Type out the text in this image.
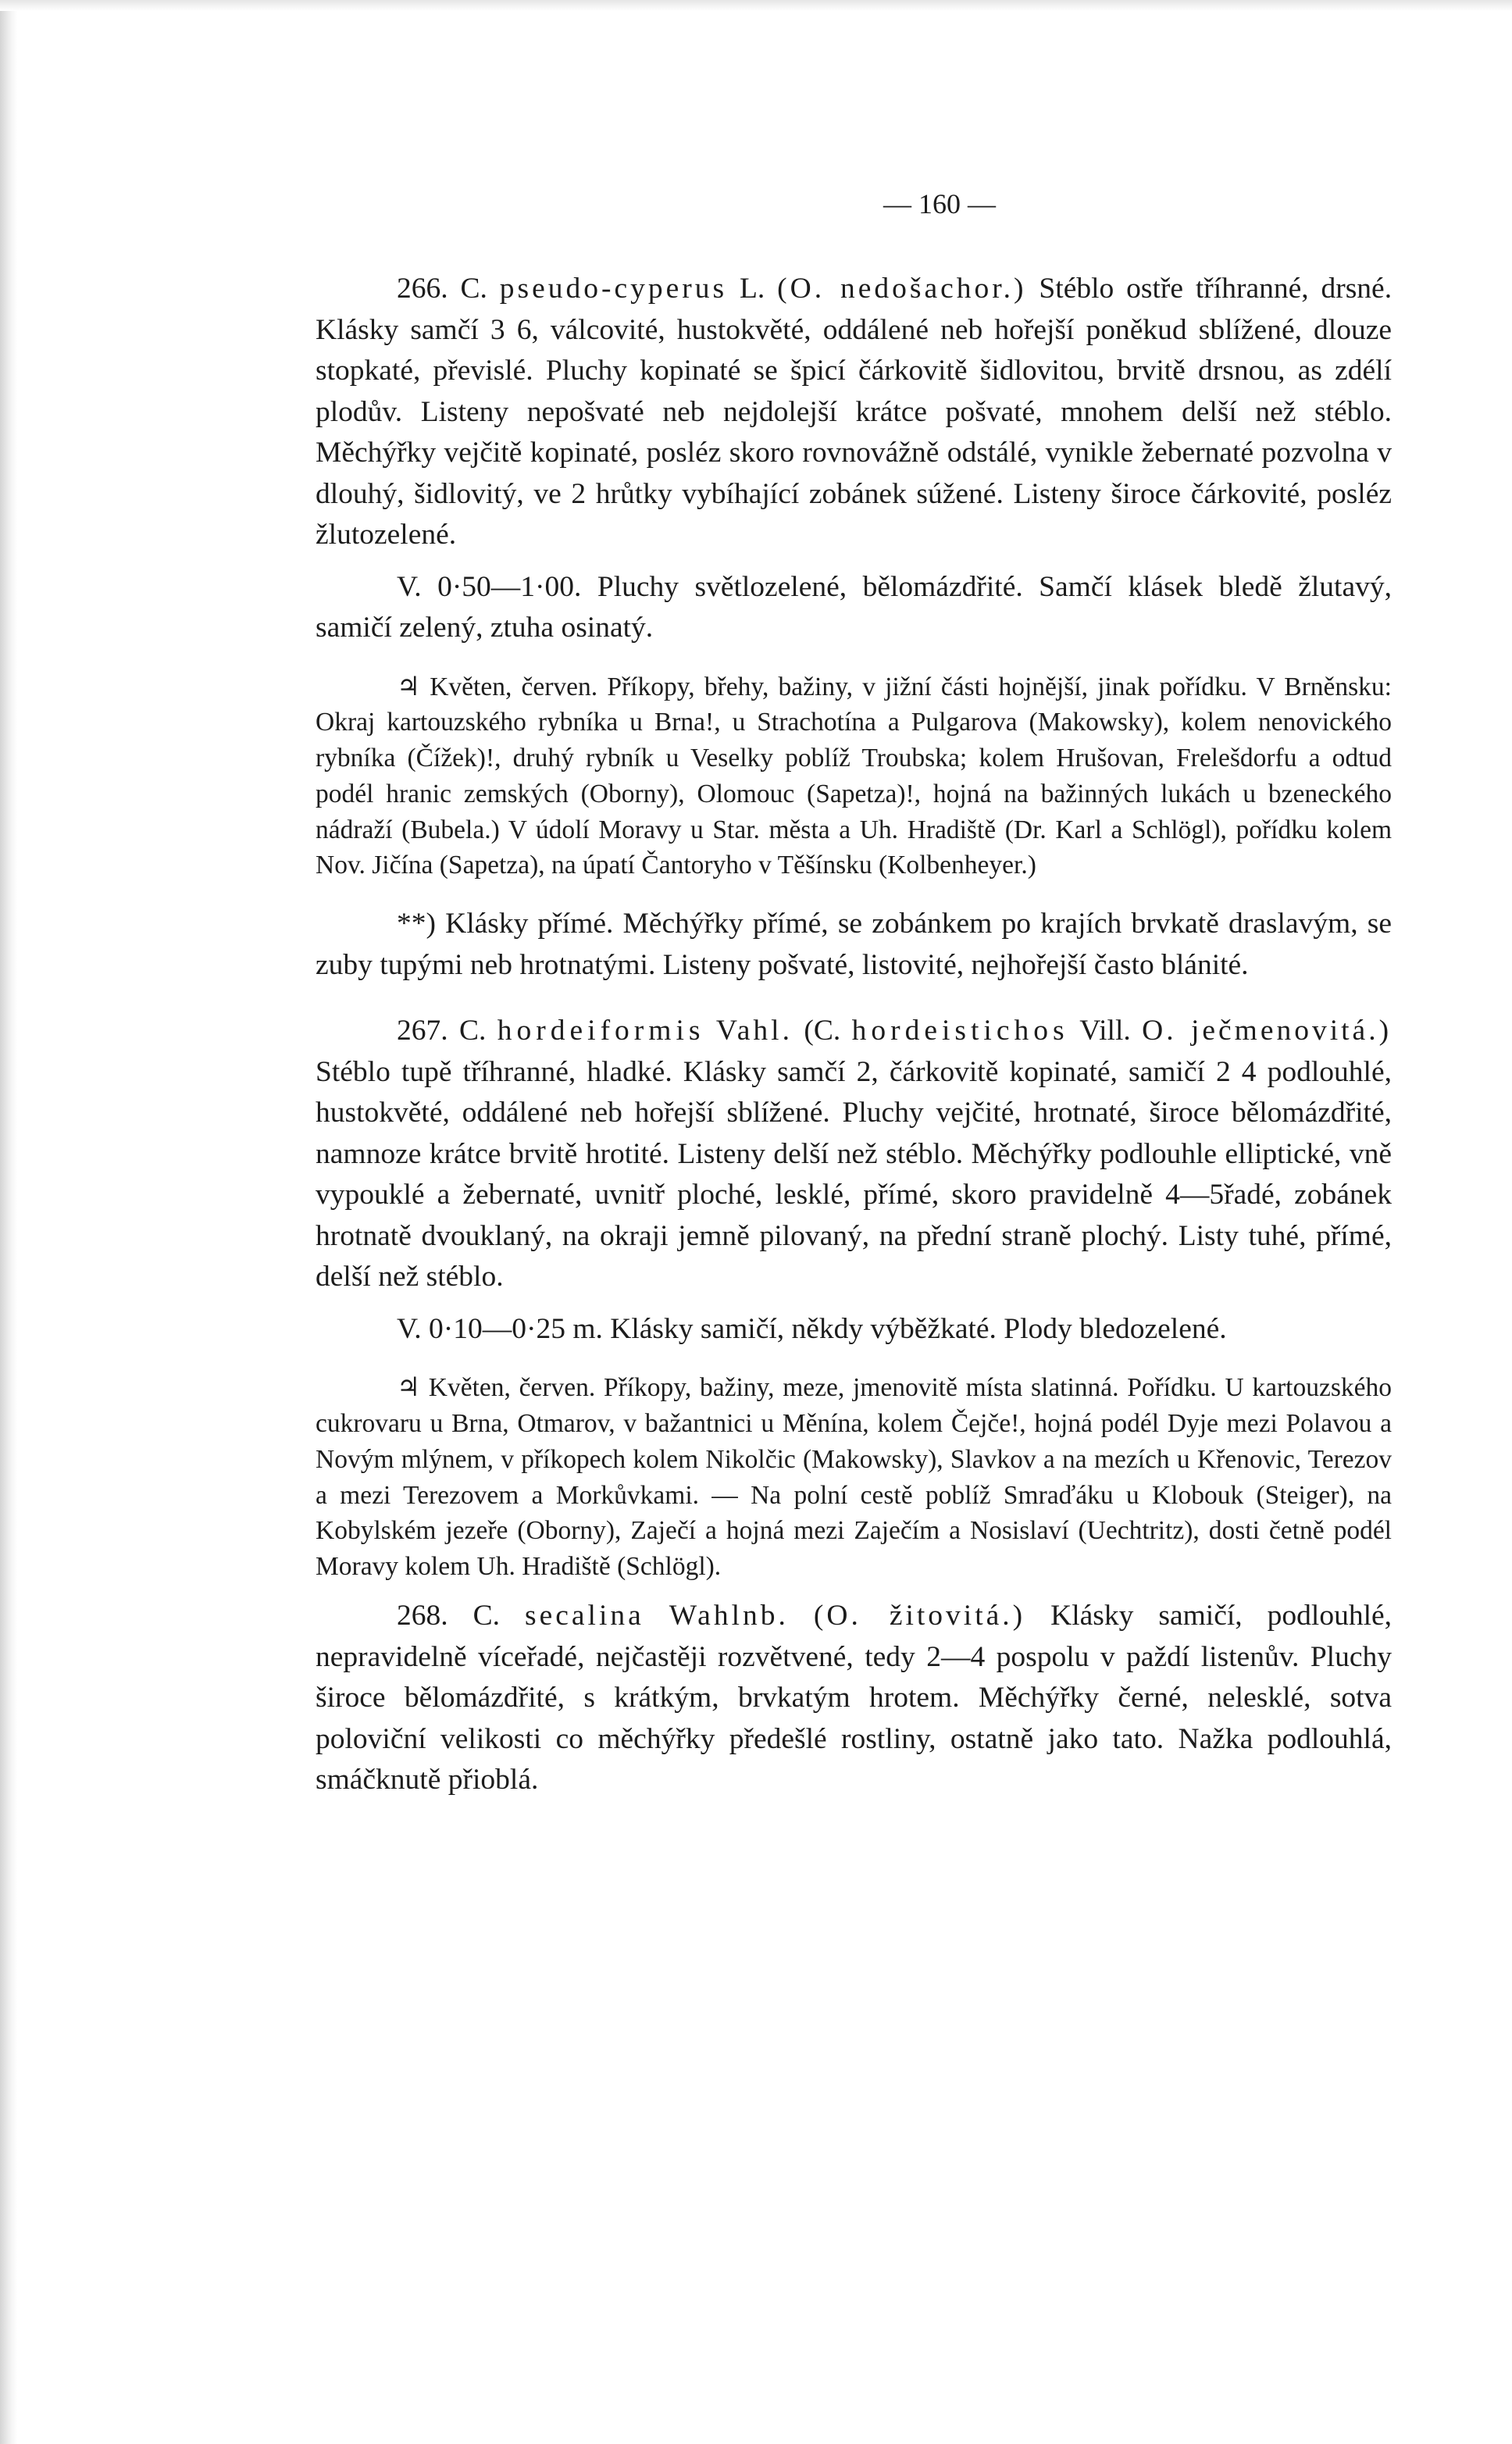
— 160 —

266. C. pseudo-cyperus L. (O. nedošachor.) Stéblo ostře tříhranné, drsné. Klásky samčí 3 6, válcovité, hustokvěté, oddálené neb hořejší poněkud sblížené, dlouze stopkaté, převislé. Pluchy kopinaté se špicí čárkovitě šidlovitou, brvitě drsnou, as zdélí plodův. Listeny nepošvaté neb nejdolejší krátce pošvaté, mnohem delší než stéblo. Měchýřky vejčitě kopinaté, posléz skoro rovnovážně odstálé, vynikle žebernaté pozvolna v dlouhý, šidlovitý, ve 2 hrůtky vybíhající zobánek súžené. Listeny široce čárkovité, posléz žlutozelené.

V. 0·50—1·00. Pluchy světlozelené, bělomázdřité. Samčí klásek bledě žlutavý, samičí zelený, ztuha osinatý.

♃ Květen, červen. Příkopy, břehy, bažiny, v jižní části hojnější, jinak pořídku. V Brněnsku: Okraj kartouzského rybníka u Brna!, u Strachotína a Pulgarova (Makowsky), kolem nenovického rybníka (Čížek)!, druhý rybník u Veselky poblíž Troubska; kolem Hrušovan, Frelešdorfu a odtud podél hranic zemských (Oborny), Olomouc (Sapetza)!, hojná na bažinných lukách u bzeneckého nádraží (Bubela.) V údolí Moravy u Star. města a Uh. Hradiště (Dr. Karl a Schlögl), pořídku kolem Nov. Jičína (Sapetza), na úpatí Čantoryho v Těšínsku (Kolbenheyer.)

**) Klásky přímé. Měchýřky přímé, se zobánkem po krajích brvkatě draslavým, se zuby tupými neb hrotnatými. Listeny pošvaté, listovité, nejhořejší často blánité.

267. C. hordeiformis Vahl. (C. hordeistichos Vill. O. ječmenovitá.) Stéblo tupě tříhranné, hladké. Klásky samčí 2, čárkovitě kopinaté, samičí 2 4 podlouhlé, hustokvěté, oddálené neb hořejší sblížené. Pluchy vejčité, hrotnaté, široce bělomázdřité, namnoze krátce brvitě hrotité. Listeny delší než stéblo. Měchýřky podlouhle elliptické, vně vypouklé a žebernaté, uvnitř ploché, lesklé, přímé, skoro pravidelně 4—5řadé, zobánek hrotnatě dvouklaný, na okraji jemně pilovaný, na přední straně plochý. Listy tuhé, přímé, delší než stéblo.

V. 0·10—0·25 m. Klásky samičí, někdy výběžkaté. Plody bledozelené.

♃ Květen, červen. Příkopy, bažiny, meze, jmenovitě místa slatinná. Pořídku. U kartouzského cukrovaru u Brna, Otmarov, v bažantnici u Měnína, kolem Čejče!, hojná podél Dyje mezi Polavou a Novým mlýnem, v příkopech kolem Nikolčic (Makowsky), Slavkov a na mezích u Křenovic, Terezov a mezi Terezovem a Morkůvkami. — Na polní cestě poblíž Smraďáku u Klobouk (Steiger), na Kobylském jezeře (Oborny), Zaječí a hojná mezi Zaječím a Nosislaví (Uechtritz), dosti četně podél Moravy kolem Uh. Hradiště (Schlögl).

268. C. secalina Wahlnb. (O. žitovitá.) Klásky samičí, podlouhlé, nepravidelně víceřadé, nejčastěji rozvětvené, tedy 2—4 pospolu v paždí listenův. Pluchy široce bělomázdřité, s krátkým, brvkatým hrotem. Měchýřky černé, nelesklé, sotva poloviční velikosti co měchýřky předešlé rostliny, ostatně jako tato. Nažka podlouhlá, smáčknutě přioblá.
